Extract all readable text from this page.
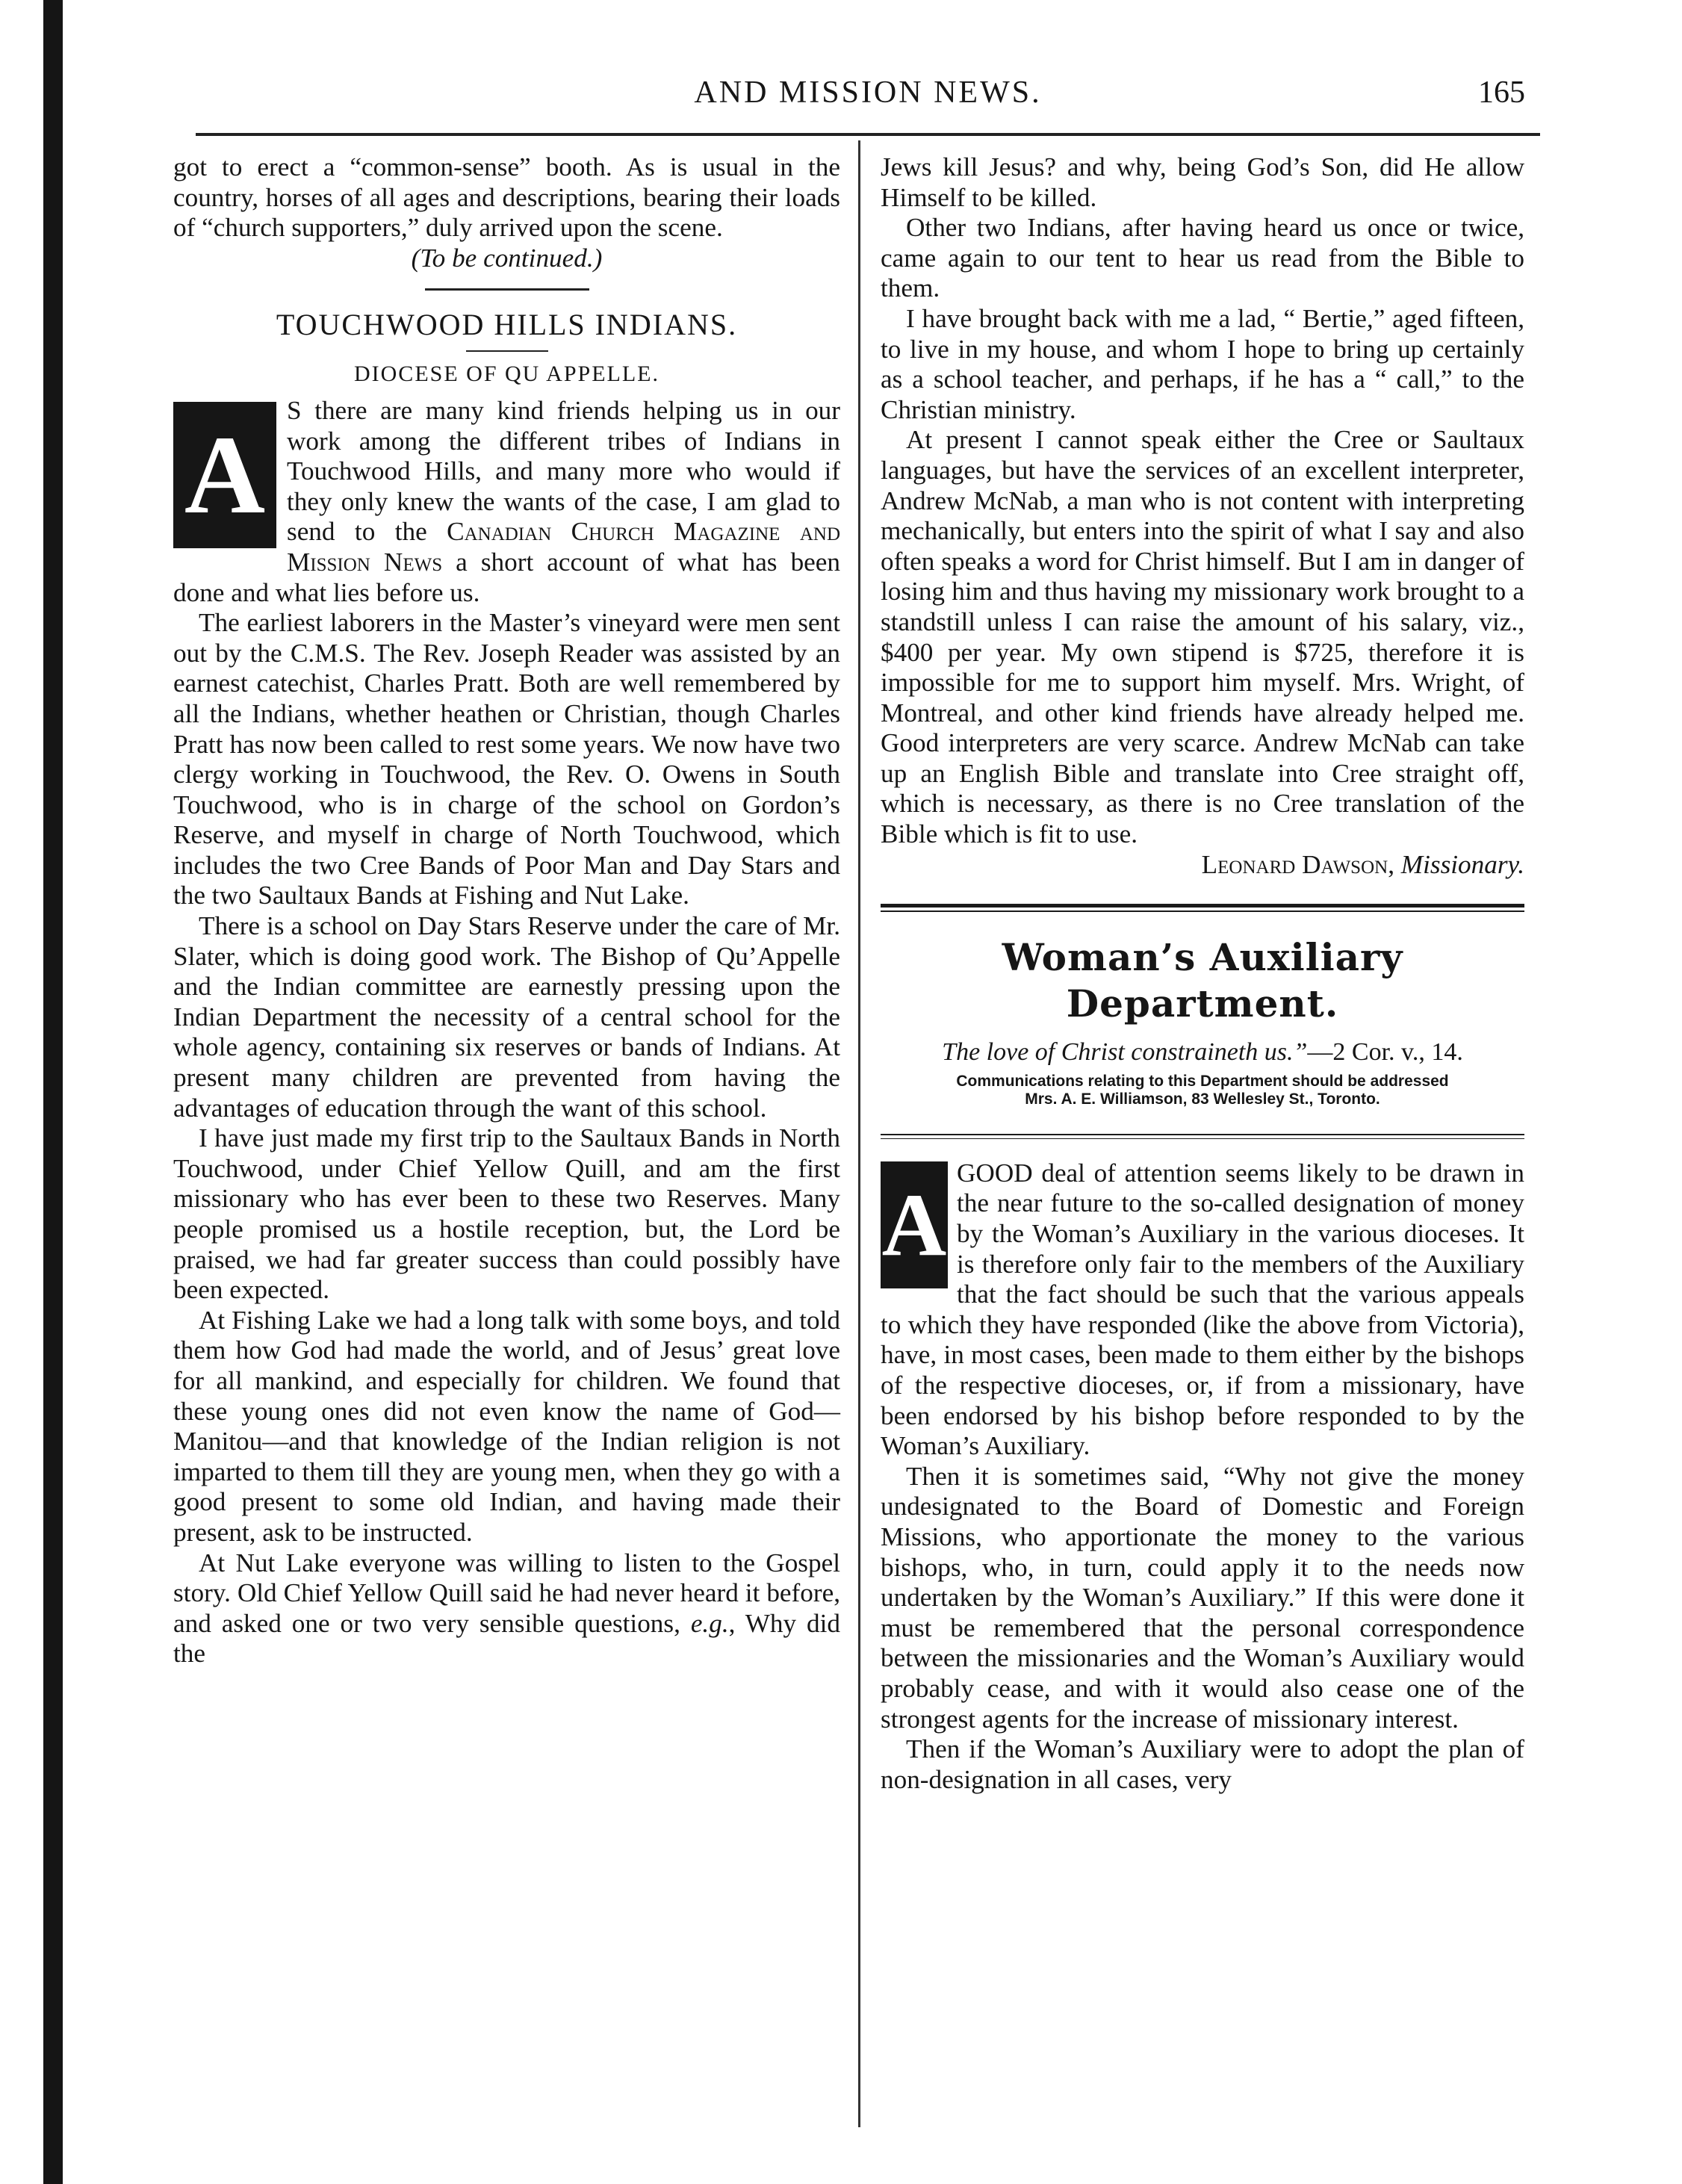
AND MISSION NEWS.	165

got to erect a “common-sense” booth. As is usual in the country, horses of all ages and descriptions, bearing their loads of “church supporters,” duly arrived upon the scene.

(To be continued.)

TOUCHWOOD HILLS INDIANS.
DIOCESE OF QU APPELLE.

A
S there are many kind friends helping us in our work among the different tribes of Indians in Touchwood Hills, and many more who would if they only knew the wants of the case, I am glad to send to the Canadian Church Magazine and Mission News a short account of what has been done and what lies before us.

The earliest laborers in the Master’s vineyard were men sent out by the C.M.S. The Rev. Joseph Reader was assisted by an earnest catechist, Charles Pratt. Both are well remembered by all the Indians, whether heathen or Christian, though Charles Pratt has now been called to rest some years. We now have two clergy working in Touchwood, the Rev. O. Owens in South Touchwood, who is in charge of the school on Gordon’s Reserve, and myself in charge of North Touchwood, which includes the two Cree Bands of Poor Man and Day Stars and the two Saultaux Bands at Fishing and Nut Lake.

There is a school on Day Stars Reserve under the care of Mr. Slater, which is doing good work. The Bishop of Qu’Appelle and the Indian committee are earnestly pressing upon the Indian Department the necessity of a central school for the whole agency, containing six reserves or bands of Indians. At present many children are prevented from having the advantages of education through the want of this school.

I have just made my first trip to the Saultaux Bands in North Touchwood, under Chief Yellow Quill, and am the first missionary who has ever been to these two Reserves. Many people promised us a hostile reception, but, the Lord be praised, we had far greater success than could possibly have been expected.

At Fishing Lake we had a long talk with some boys, and told them how God had made the world, and of Jesus’ great love for all mankind, and especially for children. We found that these young ones did not even know the name of God—Manitou—and that knowledge of the Indian religion is not imparted to them till they are young men, when they go with a good present to some old Indian, and having made their present, ask to be instructed.

At Nut Lake everyone was willing to listen to the Gospel story. Old Chief Yellow Quill said he had never heard it before, and asked one or two very sensible questions, e.g., Why did the

Jews kill Jesus? and why, being God’s Son, did He allow Himself to be killed.

Other two Indians, after having heard us once or twice, came again to our tent to hear us read from the Bible to them.

I have brought back with me a lad, “ Bertie,” aged fifteen, to live in my house, and whom I hope to bring up certainly as a school teacher, and perhaps, if he has a “ call,” to the Christian ministry.

At present I cannot speak either the Cree or Saultaux languages, but have the services of an excellent interpreter, Andrew McNab, a man who is not content with interpreting mechanically, but enters into the spirit of what I say and also often speaks a word for Christ himself. But I am in danger of losing him and thus having my missionary work brought to a standstill unless I can raise the amount of his salary, viz., $400 per year. My own stipend is $725, therefore it is impossible for me to support him myself. Mrs. Wright, of Montreal, and other kind friends have already helped me. Good interpreters are very scarce. Andrew McNab can take up an English Bible and translate into Cree straight off, which is necessary, as there is no Cree translation of the Bible which is fit to use.

Leonard Dawson, Missionary.

Woman’s Auxiliary Department.
The love of Christ constraineth us.”—2 Cor. v., 14.
Communications relating to this Department should be addressed
Mrs. A. E. Williamson, 83 Wellesley St., Toronto.

A
GOOD deal of attention seems likely to be drawn in the near future to the so-called designation of money by the Woman’s Auxiliary in the various dioceses. It is therefore only fair to the members of the Auxiliary that the fact should be such that the various appeals to which they have responded (like the above from Victoria), have, in most cases, been made to them either by the bishops of the respective dioceses, or, if from a missionary, have been endorsed by his bishop before responded to by the Woman’s Auxiliary.

Then it is sometimes said, “Why not give the money undesignated to the Board of Domestic and Foreign Missions, who apportionate the money to the various bishops, who, in turn, could apply it to the needs now undertaken by the Woman’s Auxiliary.” If this were done it must be remembered that the personal correspondence between the missionaries and the Woman’s Auxiliary would probably cease, and with it would also cease one of the strongest agents for the increase of missionary interest.

Then if the Woman’s Auxiliary were to adopt the plan of non-designation in all cases, very
